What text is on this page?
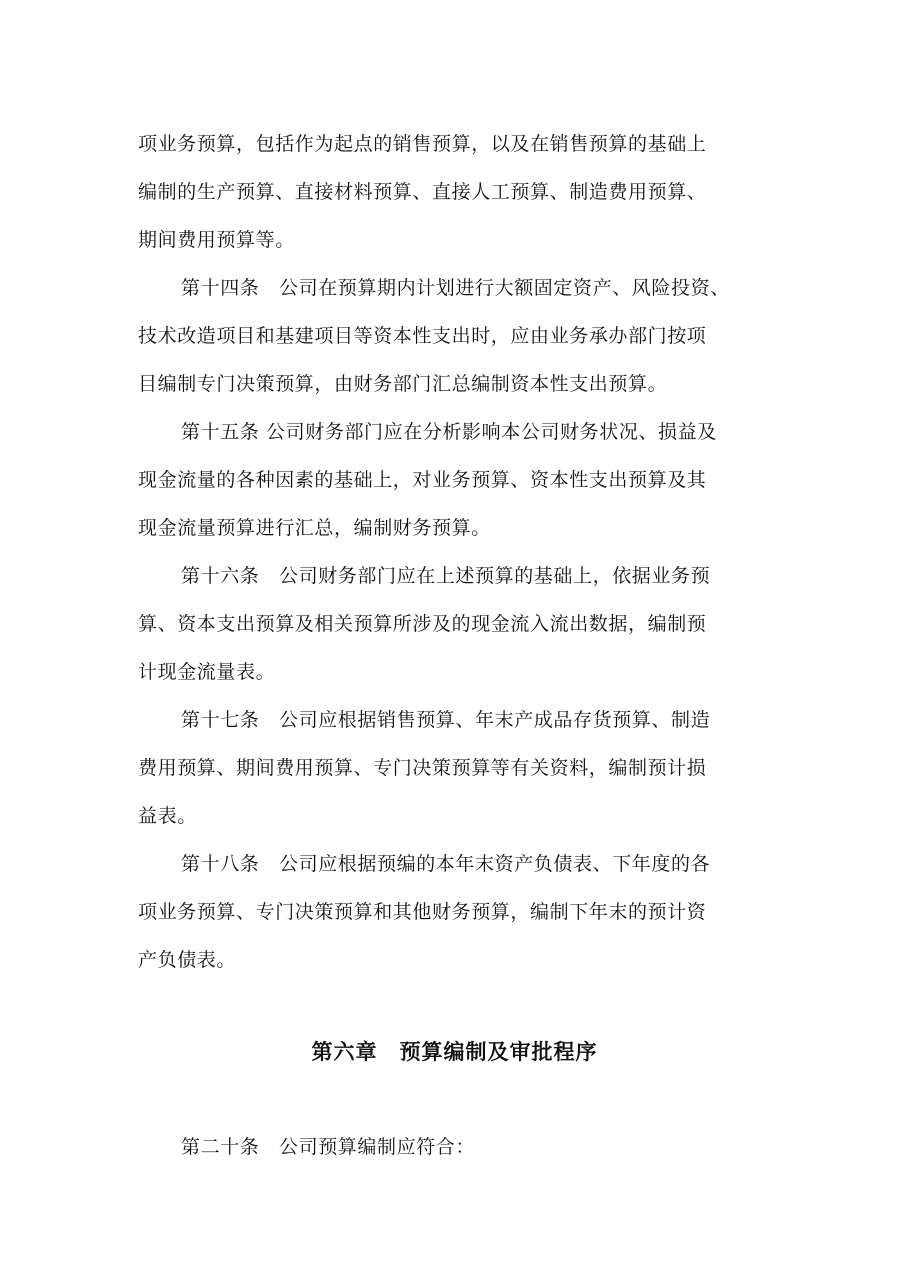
项业务预算，包括作为起点的销售预算，以及在销售预算的基础上
编制的生产预算、直接材料预算、直接人工预算、制造费用预算、
期间费用预算等。
第十四条　公司在预算期内计划进行大额固定资产、风险投资、
技术改造项目和基建项目等资本性支出时，应由业务承办部门按项
目编制专门决策预算，由财务部门汇总编制资本性支出预算。
第十五条 公司财务部门应在分析影响本公司财务状况、损益及
现金流量的各种因素的基础上，对业务预算、资本性支出预算及其
现金流量预算进行汇总，编制财务预算。
第十六条　公司财务部门应在上述预算的基础上，依据业务预
算、资本支出预算及相关预算所涉及的现金流入流出数据，编制预
计现金流量表。
第十七条　公司应根据销售预算、年末产成品存货预算、制造
费用预算、期间费用预算、专门决策预算等有关资料，编制预计损
益表。
第十八条　公司应根据预编的本年末资产负债表、下年度的各
项业务预算、专门决策预算和其他财务预算，编制下年末的预计资
产负债表。
第六章　预算编制及审批程序
第二十条　公司预算编制应符合：
